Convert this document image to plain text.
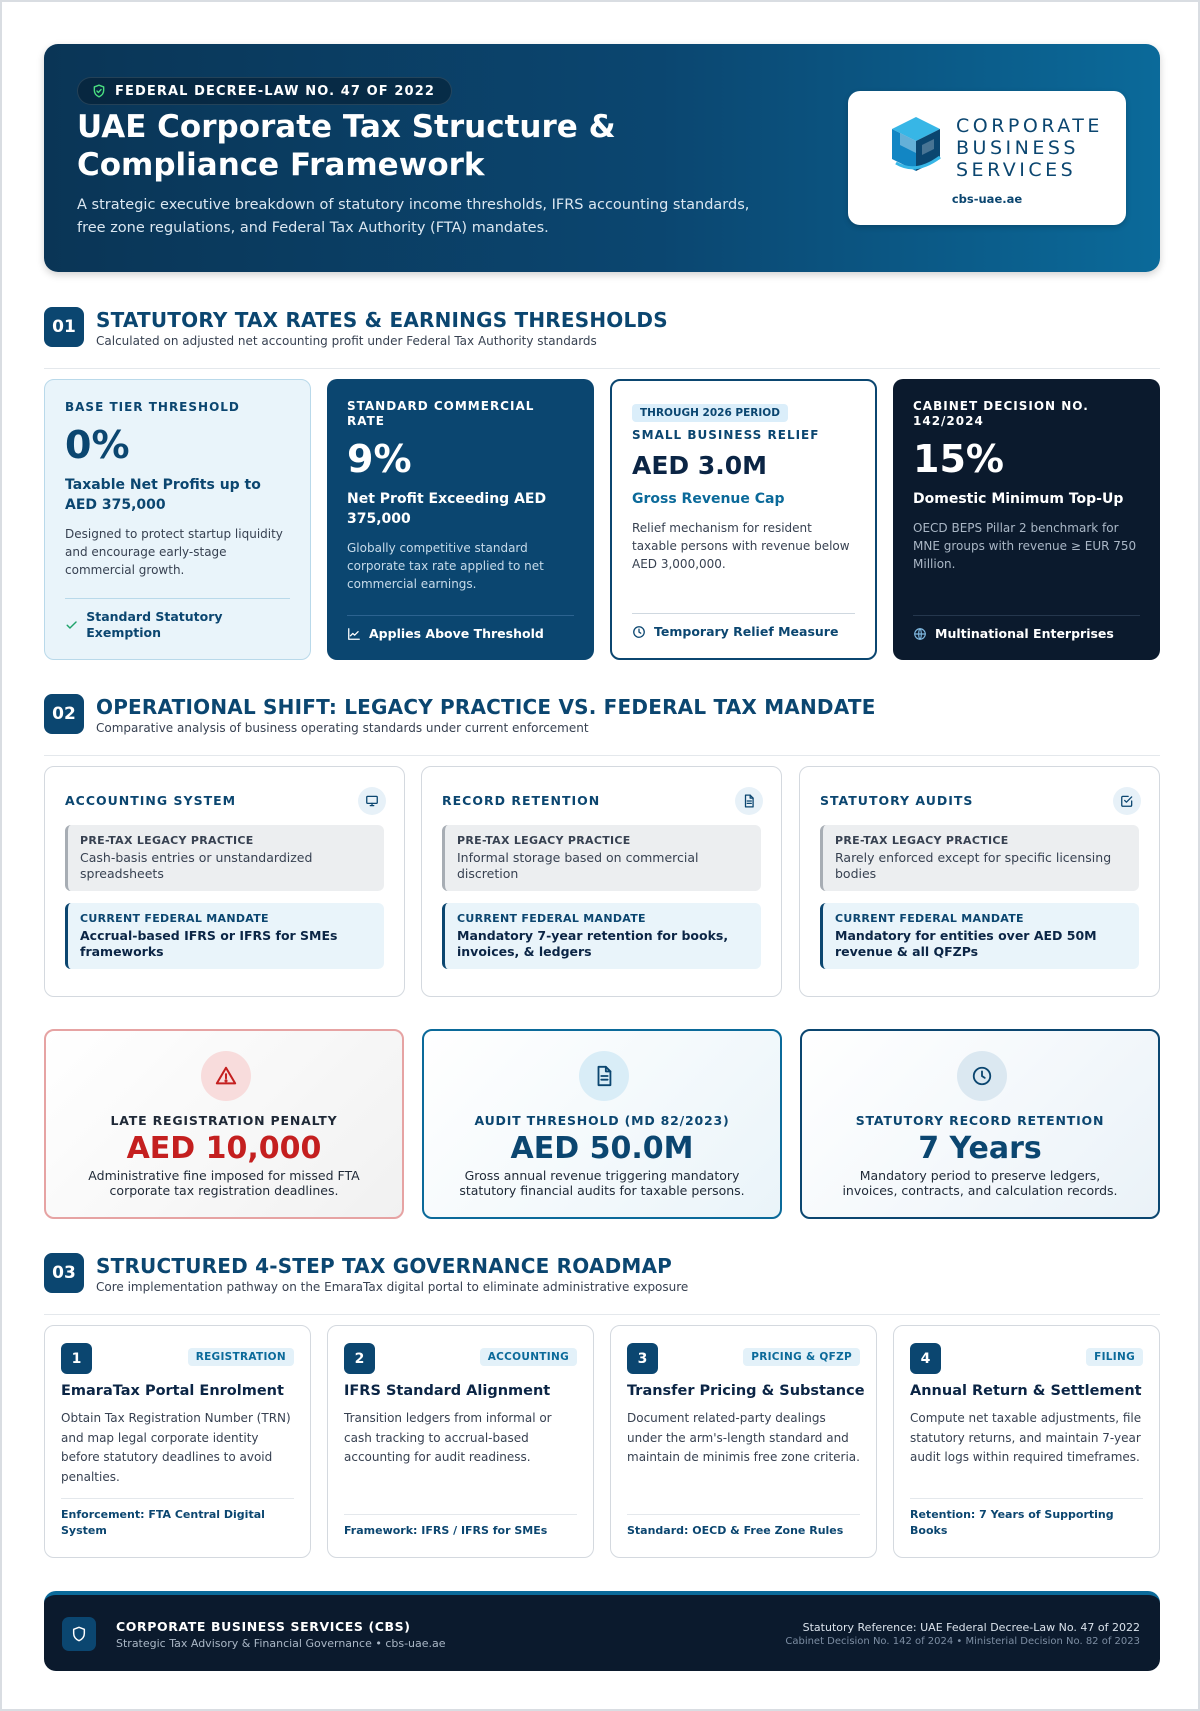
FEDERAL DECREE-LAW NO. 47 OF 2022
UAE Corporate Tax Structure & Compliance Framework
A strategic executive breakdown of statutory income thresholds, IFRS accounting standards, free zone regulations, and Federal Tax Authority (FTA) mandates.
CORPORATE
BUSINESS
SERVICES
cbs-uae.ae
01	STATUTORY TAX RATES & EARNINGS THRESHOLDS
Calculated on adjusted net accounting profit under Federal Tax Authority standards
BASE TIER THRESHOLD
0%
Taxable Net Profits up to AED 375,000
Designed to protect startup liquidity and encourage early-stage commercial growth.
Standard Statutory Exemption
STANDARD COMMERCIAL RATE
9%
Net Profit Exceeding AED 375,000
Globally competitive standard corporate tax rate applied to net commercial earnings.
Applies Above Threshold
THROUGH 2026 PERIOD
SMALL BUSINESS RELIEF
AED 3.0M
Gross Revenue Cap
Relief mechanism for resident taxable persons with revenue below AED 3,000,000.
Temporary Relief Measure
CABINET DECISION NO. 142/2024
15%
Domestic Minimum Top-Up
OECD BEPS Pillar 2 benchmark for MNE groups with revenue ≥ EUR 750 Million.
Multinational Enterprises
02	OPERATIONAL SHIFT: LEGACY PRACTICE VS. FEDERAL TAX MANDATE
Comparative analysis of business operating standards under current enforcement
ACCOUNTING SYSTEM
PRE-TAX LEGACY PRACTICE
Cash-basis entries or unstandardized spreadsheets
CURRENT FEDERAL MANDATE
Accrual-based IFRS or IFRS for SMEs frameworks
RECORD RETENTION
PRE-TAX LEGACY PRACTICE
Informal storage based on commercial discretion
CURRENT FEDERAL MANDATE
Mandatory 7-year retention for books, invoices, & ledgers
STATUTORY AUDITS
PRE-TAX LEGACY PRACTICE
Rarely enforced except for specific licensing bodies
CURRENT FEDERAL MANDATE
Mandatory for entities over AED 50M revenue & all QFZPs
LATE REGISTRATION PENALTY
AED 10,000
Administrative fine imposed for missed FTA corporate tax registration deadlines.
AUDIT THRESHOLD (MD 82/2023)
AED 50.0M
Gross annual revenue triggering mandatory statutory financial audits for taxable persons.
STATUTORY RECORD RETENTION
7 Years
Mandatory period to preserve ledgers, invoices, contracts, and calculation records.
03	STRUCTURED 4-STEP TAX GOVERNANCE ROADMAP
Core implementation pathway on the EmaraTax digital portal to eliminate administrative exposure
1	REGISTRATION
EmaraTax Portal Enrolment
Obtain Tax Registration Number (TRN) and map legal corporate identity before statutory deadlines to avoid penalties.
Enforcement: FTA Central Digital System
2	ACCOUNTING
IFRS Standard Alignment
Transition ledgers from informal or cash tracking to accrual-based accounting for audit readiness.
Framework: IFRS / IFRS for SMEs
3	PRICING & QFZP
Transfer Pricing & Substance
Document related-party dealings under the arm's-length standard and maintain de minimis free zone criteria.
Standard: OECD & Free Zone Rules
4	FILING
Annual Return & Settlement
Compute net taxable adjustments, file statutory returns, and maintain 7-year audit logs within required timeframes.
Retention: 7 Years of Supporting Books
CORPORATE BUSINESS SERVICES (CBS)
Strategic Tax Advisory & Financial Governance • cbs-uae.ae
Statutory Reference: UAE Federal Decree-Law No. 47 of 2022
Cabinet Decision No. 142 of 2024 • Ministerial Decision No. 82 of 2023
